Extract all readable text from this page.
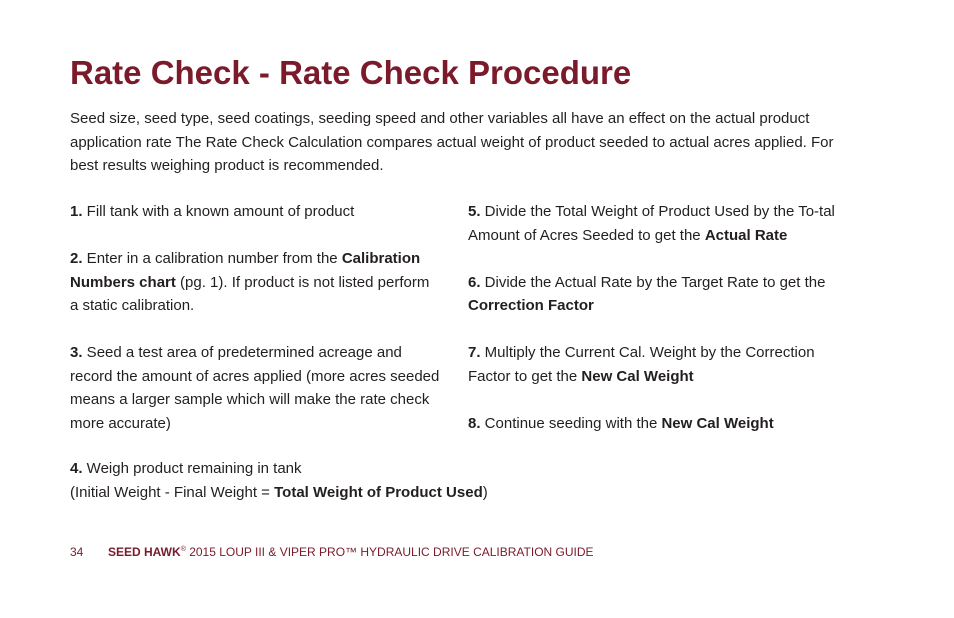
Rate Check - Rate Check Procedure

Seed size, seed type, seed coatings, seeding speed and other variables all have an effect on the actual product application rate The Rate Check Calculation compares actual weight of product seeded to actual acres applied. For best results weighing product is recommended.

1. Fill tank with a known amount of product

2. Enter in a calibration number from the Calibration Numbers chart (pg. 1). If product is not listed perform a static calibration.

3. Seed a test area of predetermined acreage and record the amount of acres applied (more acres seeded means a larger sample which will make the rate check more accurate)

4. Weigh product remaining in tank
(Initial Weight - Final Weight = Total Weight of Product Used)

5. Divide the Total Weight of Product Used by the To-tal Amount of Acres Seeded to get the Actual Rate

6. Divide the Actual Rate by the Target Rate to get the Correction Factor

7. Multiply the Current Cal. Weight by the Correction Factor to get the New Cal Weight

8. Continue seeding with the New Cal Weight

34 SEED HAWK® 2015 LOUP III & VIPER PRO™ HYDRAULIC DRIVE CALIBRATION GUIDE
